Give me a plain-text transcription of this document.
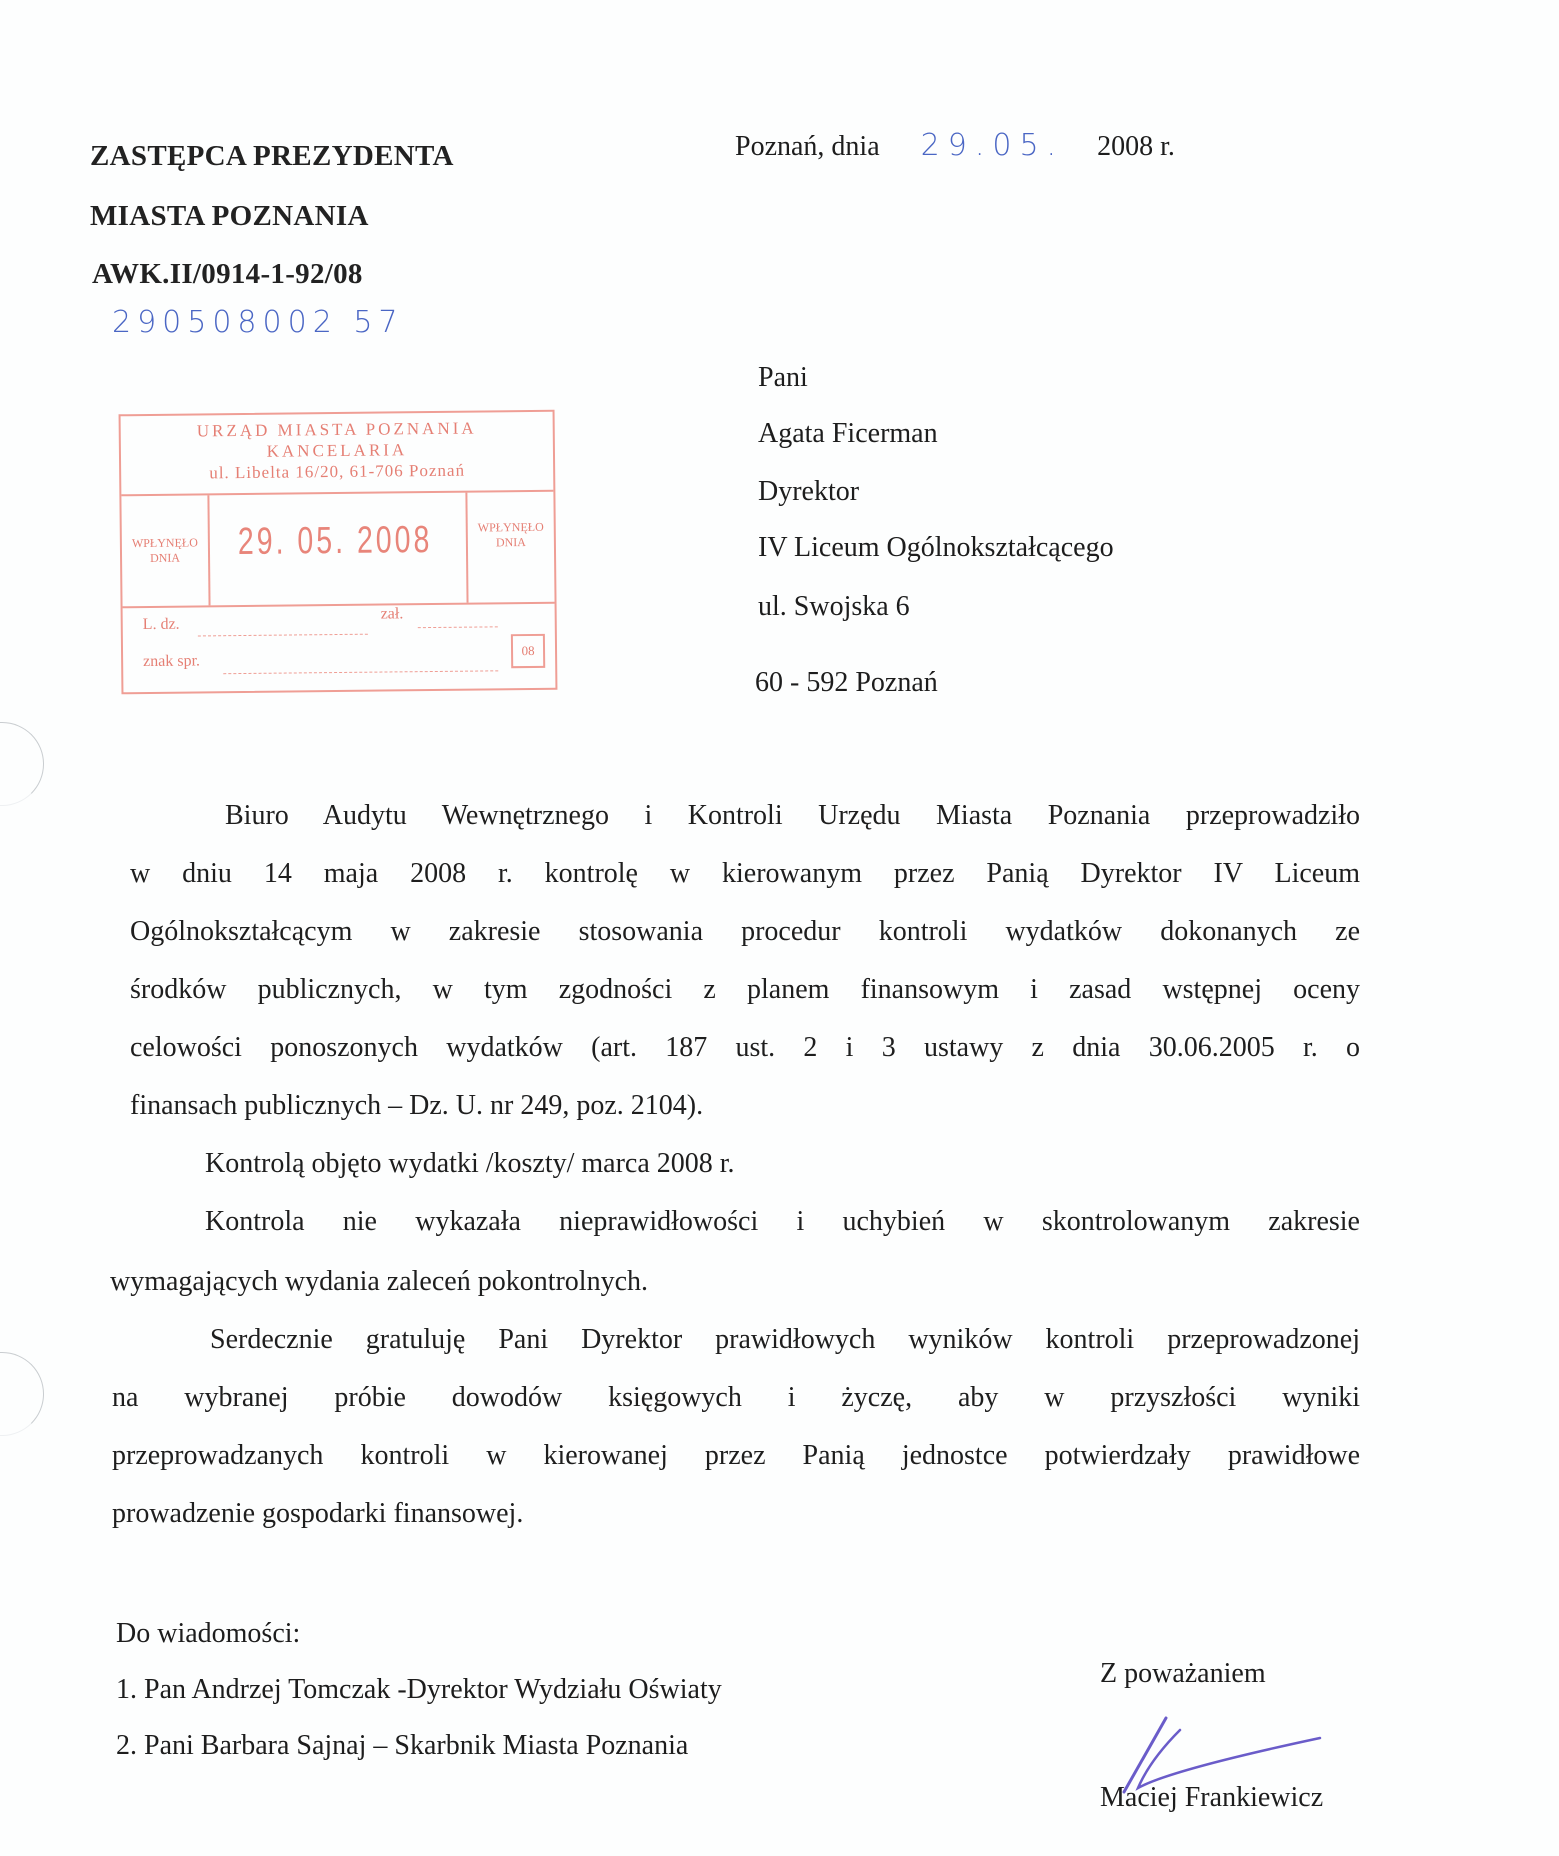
ZASTĘPCA PREZYDENTA
MIASTA POZNANIA
AWK.II/0914-1-92/08
290508002 57
Poznań, dnia 29.05. 2008 r.
URZĄD MIASTA POZNANIA
KANCELARIA
ul. Libelta 16/20, 61-706 Poznań
WPŁYNĘŁO
DNIA	29. 05. 2008	WPŁYNĘŁO
DNIA
L. dz.
zał.
znak spr.
08
Pani
Agata Ficerman
Dyrektor
IV Liceum Ogólnokształcącego
ul. Swojska 6
60 - 592 Poznań
Biuro Audytu Wewnętrznego i Kontroli Urzędu Miasta Poznania przeprowadziło
w dniu 14 maja 2008 r. kontrolę w kierowanym przez Panią Dyrektor IV Liceum
Ogólnokształcącym w zakresie stosowania procedur kontroli wydatków dokonanych ze
środków publicznych, w tym zgodności z planem finansowym i zasad wstępnej oceny
celowości ponoszonych wydatków (art. 187 ust. 2 i 3 ustawy z dnia 30.06.2005 r. o
finansach publicznych – Dz. U. nr 249, poz. 2104).
Kontrolą objęto wydatki /koszty/ marca 2008 r.
Kontrola nie wykazała nieprawidłowości i uchybień w skontrolowanym zakresie
wymagających wydania zaleceń pokontrolnych.
Serdecznie gratuluję Pani Dyrektor prawidłowych wyników kontroli przeprowadzonej
na wybranej próbie dowodów księgowych i życzę, aby w przyszłości wyniki
przeprowadzanych kontroli w kierowanej przez Panią jednostce potwierdzały prawidłowe
prowadzenie gospodarki finansowej.
Do wiadomości:
1. Pan Andrzej Tomczak -Dyrektor Wydziału Oświaty
2. Pani Barbara Sajnaj – Skarbnik Miasta Poznania
Z poważaniem
Maciej Frankiewicz
